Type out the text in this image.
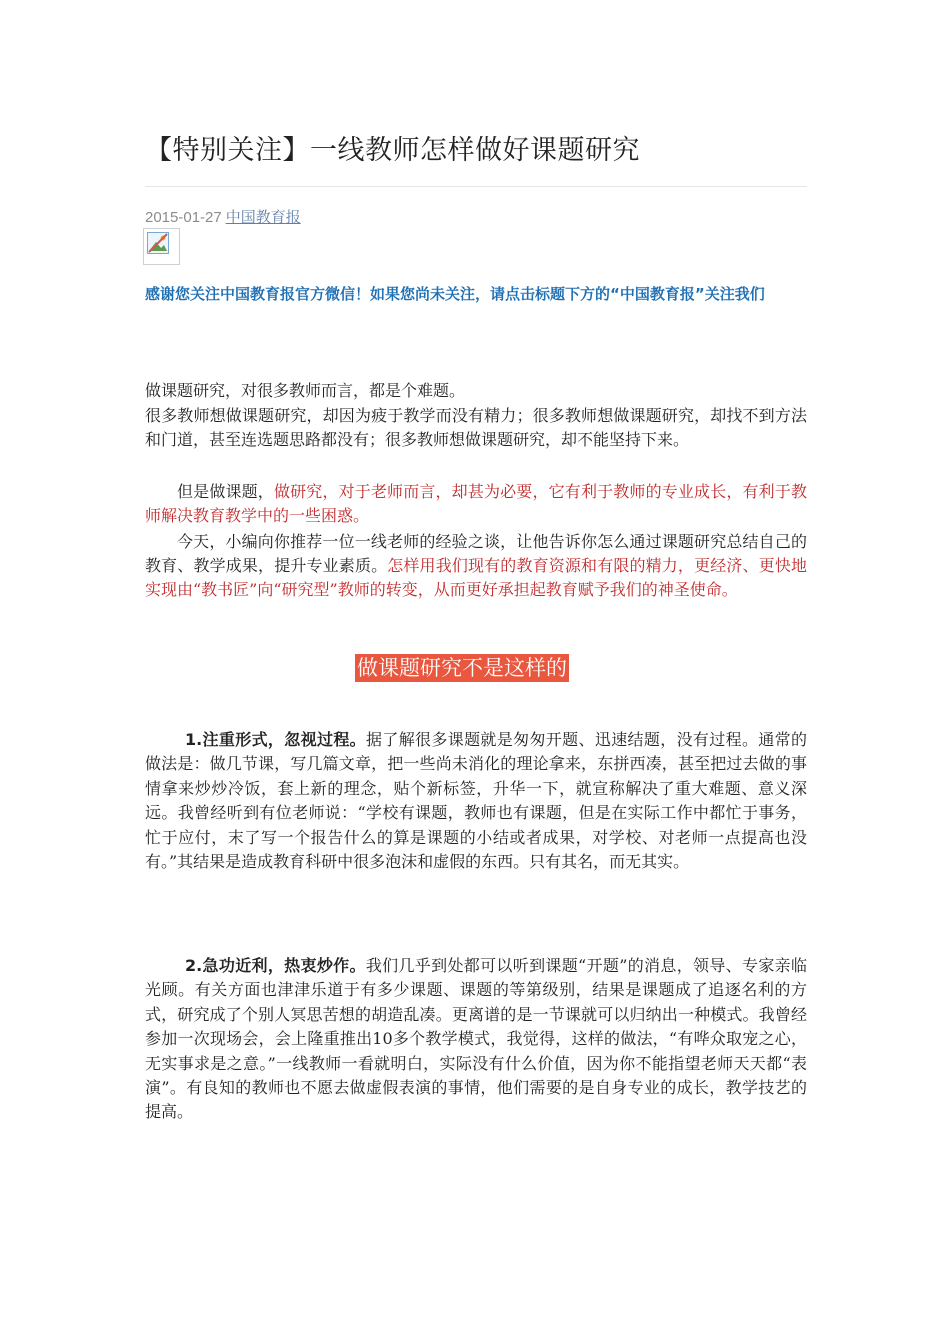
【特别关注】一线教师怎样做好课题研究
2015-01-27 中国教育报

感谢您关注中国教育报官方微信！如果您尚未关注，请点击标题下方的“中国教育报”关注我们

做课题研究，对很多教师而言，都是个难题。

很多教师想做课题研究，却因为疲于教学而没有精力；很多教师想做课题研究，却找不到方法和门道，甚至连选题思路都没有；很多教师想做课题研究，却不能坚持下来。

但是做课题，做研究，对于老师而言，却甚为必要，它有利于教师的专业成长，有利于教师解决教育教学中的一些困惑。

今天，小编向你推荐一位一线老师的经验之谈，让他告诉你怎么通过课题研究总结自己的教育、教学成果，提升专业素质。怎样用我们现有的教育资源和有限的精力，更经济、更快地实现由“教书匠”向“研究型”教师的转变，从而更好承担起教育赋予我们的神圣使命。

做课题研究不是这样的

1.注重形式，忽视过程。据了解很多课题就是匆匆开题、迅速结题，没有过程。通常的做法是：做几节课，写几篇文章，把一些尚未消化的理论拿来，东拼西凑，甚至把过去做的事情拿来炒炒冷饭，套上新的理念，贴个新标签，升华一下，就宣称解决了重大难题、意义深远。我曾经听到有位老师说：“学校有课题，教师也有课题，但是在实际工作中都忙于事务，忙于应付，末了写一个报告什么的算是课题的小结或者成果，对学校、对老师一点提高也没有。”其结果是造成教育科研中很多泡沫和虚假的东西。只有其名，而无其实。

2.急功近利，热衷炒作。我们几乎到处都可以听到课题“开题”的消息，领导、专家亲临光顾。有关方面也津津乐道于有多少课题、课题的等第级别，结果是课题成了追逐名利的方式，研究成了个别人冥思苦想的胡造乱凑。更离谱的是一节课就可以归纳出一种模式。我曾经参加一次现场会，会上隆重推出10多个教学模式，我觉得，这样的做法，“有哗众取宠之心，无实事求是之意。”一线教师一看就明白，实际没有什么价值，因为你不能指望老师天天都“表演”。有良知的教师也不愿去做虚假表演的事情，他们需要的是自身专业的成长，教学技艺的提高。
